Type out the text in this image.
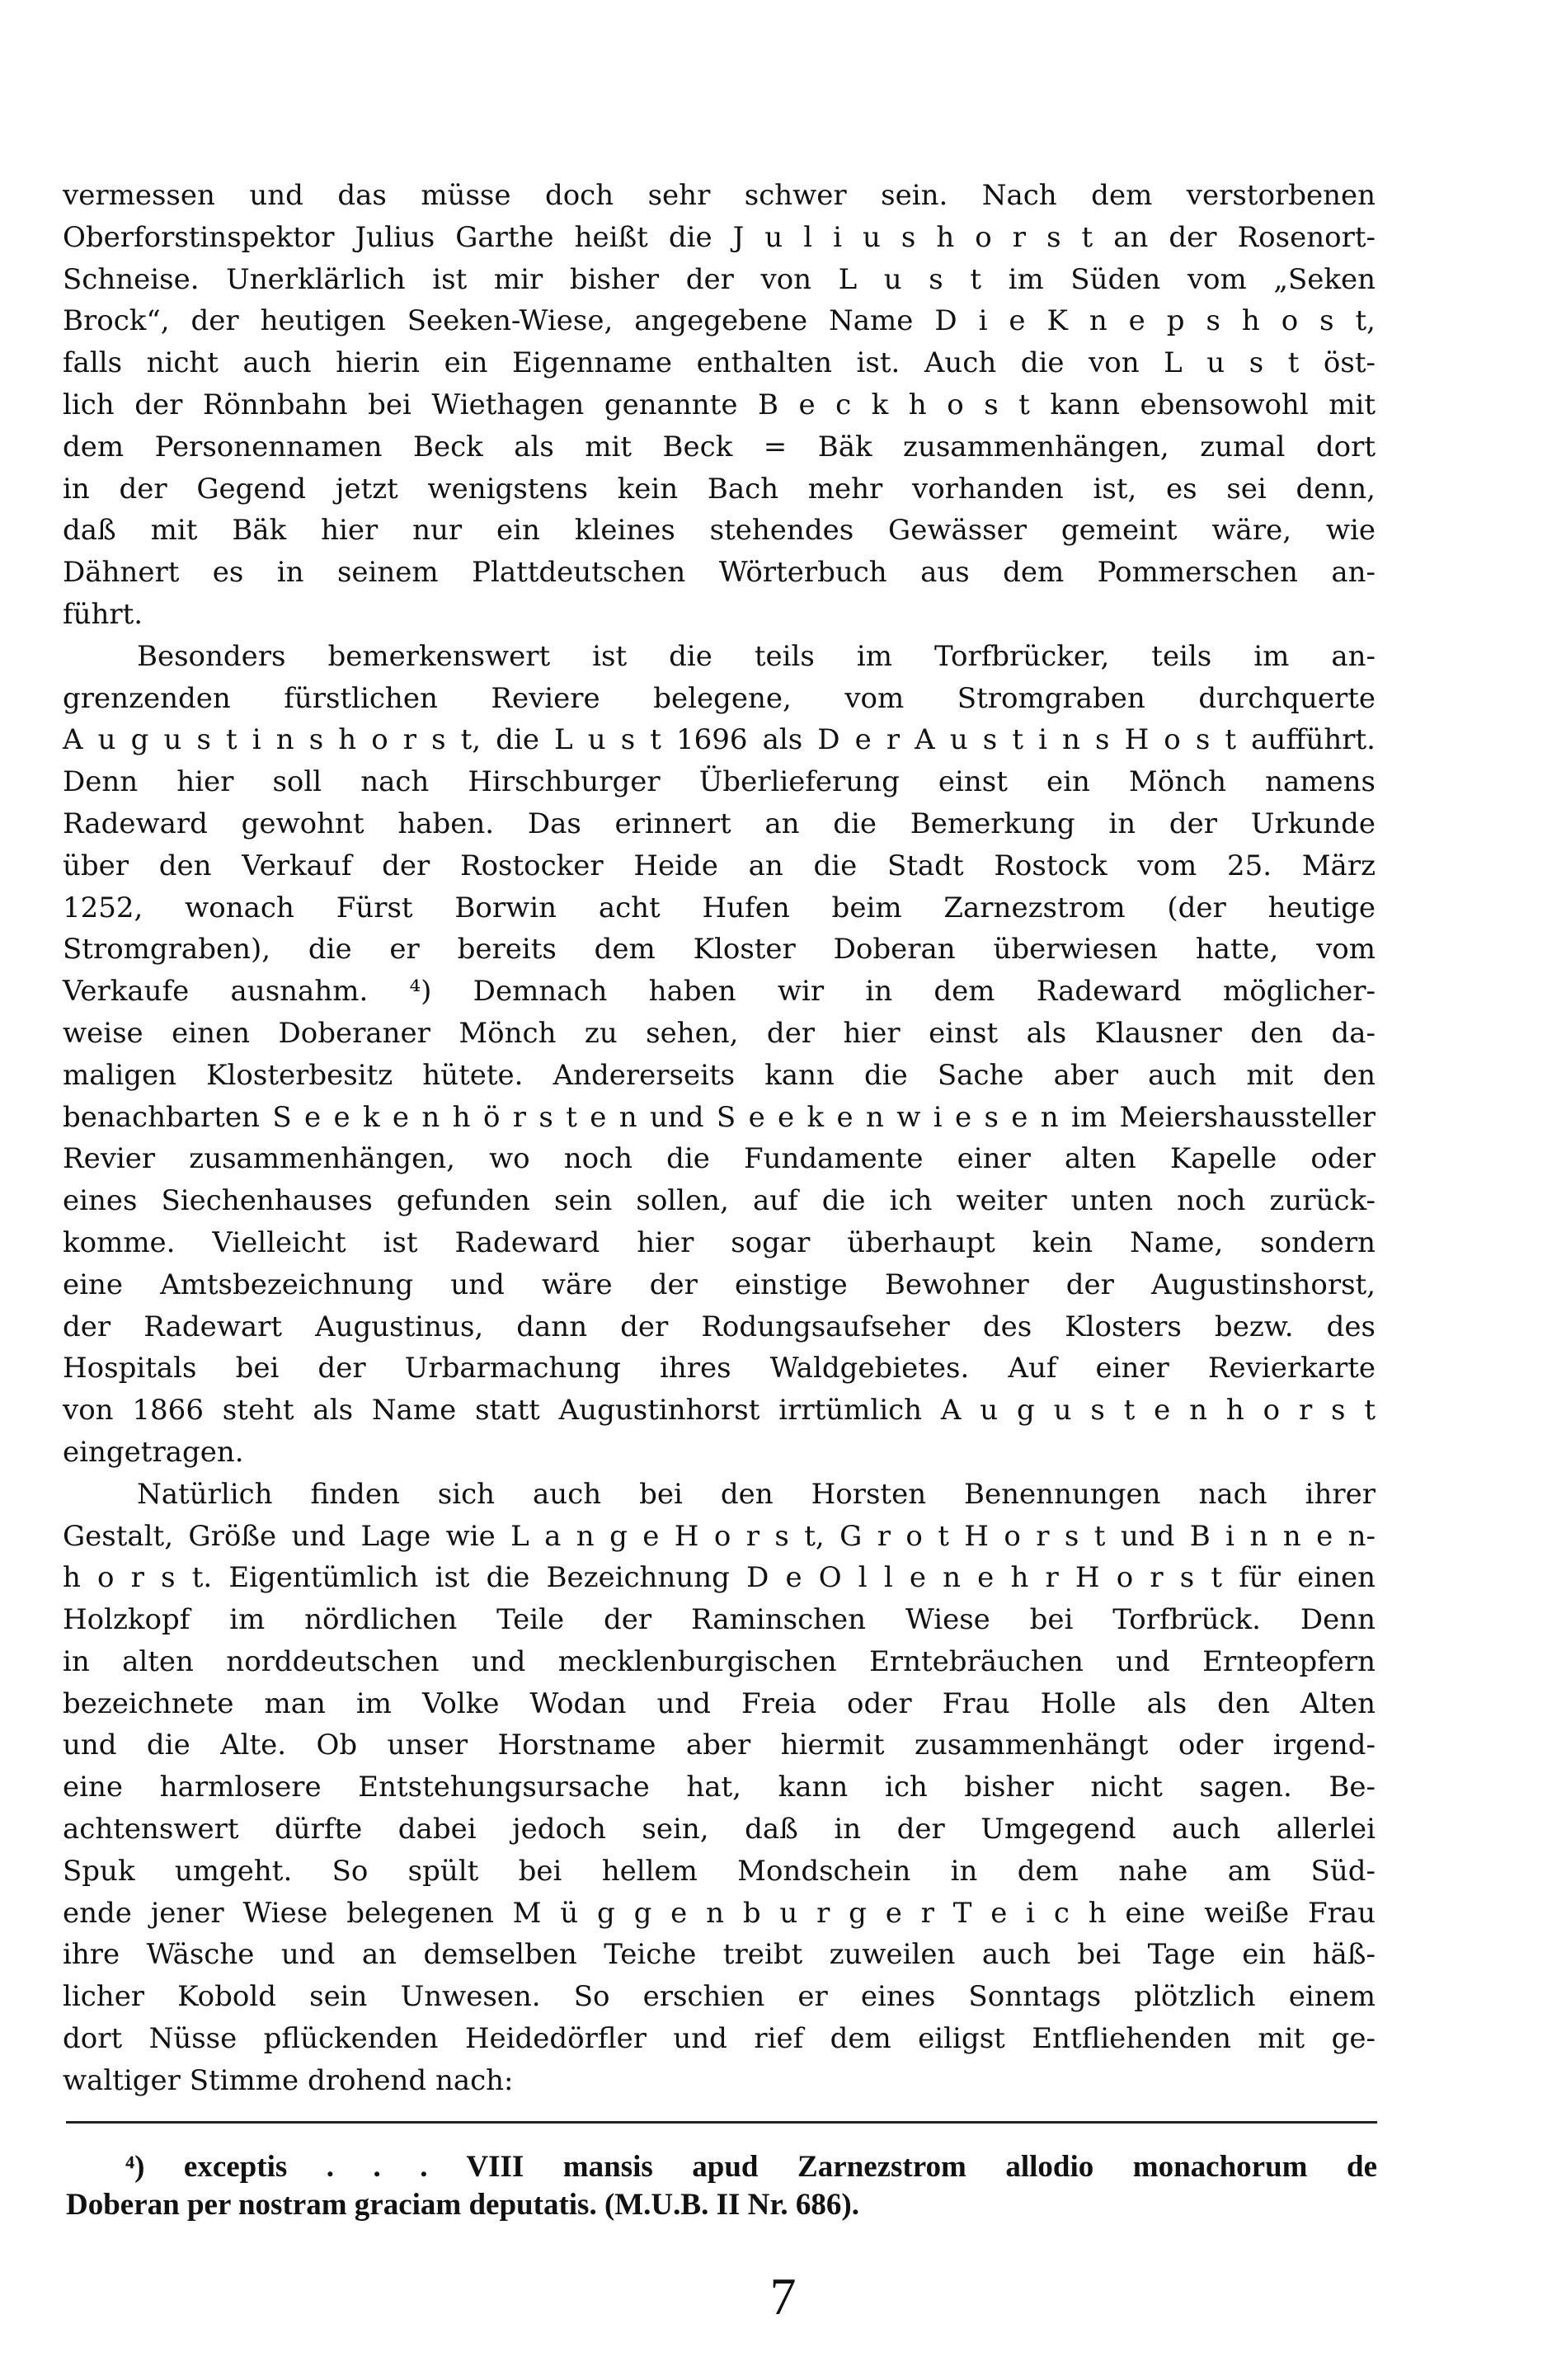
vermessen und das müsse doch sehr schwer sein. Nach dem verstorbenen
Oberforstinspektor Julius Garthe heißt die J u l i u s h o r s t an der Rosenort-
Schneise. Unerklärlich ist mir bisher der von L u s t im Süden vom „Seken
Brock“, der heutigen Seeken-Wiese, angegebene Name D i e K n e p s h o s t,
falls nicht auch hierin ein Eigenname enthalten ist. Auch die von L u s t öst-
lich der Rönnbahn bei Wiethagen genannte B e c k h o s t kann ebensowohl mit
dem Personennamen Beck als mit Beck = Bäk zusammenhängen, zumal dort
in der Gegend jetzt wenigstens kein Bach mehr vorhanden ist, es sei denn,
daß mit Bäk hier nur ein kleines stehendes Gewässer gemeint wäre, wie
Dähnert es in seinem Plattdeutschen Wörterbuch aus dem Pommerschen an-
führt.
Besonders bemerkenswert ist die teils im Torfbrücker, teils im an-
grenzenden fürstlichen Reviere belegene, vom Stromgraben durchquerte
A u g u s t i n s h o r s t, die L u s t 1696 als D e r A u s t i n s H o s t aufführt.
Denn hier soll nach Hirschburger Überlieferung einst ein Mönch namens
Radeward gewohnt haben. Das erinnert an die Bemerkung in der Urkunde
über den Verkauf der Rostocker Heide an die Stadt Rostock vom 25. März
1252, wonach Fürst Borwin acht Hufen beim Zarnezstrom (der heutige
Stromgraben), die er bereits dem Kloster Doberan überwiesen hatte, vom
Verkaufe ausnahm. ⁴) Demnach haben wir in dem Radeward möglicher-
weise einen Doberaner Mönch zu sehen, der hier einst als Klausner den da-
maligen Klosterbesitz hütete. Andererseits kann die Sache aber auch mit den
benachbarten S e e k e n h ö r s t e n und S e e k e n w i e s e n im Meiershaussteller
Revier zusammenhängen, wo noch die Fundamente einer alten Kapelle oder
eines Siechenhauses gefunden sein sollen, auf die ich weiter unten noch zurück-
komme. Vielleicht ist Radeward hier sogar überhaupt kein Name, sondern
eine Amtsbezeichnung und wäre der einstige Bewohner der Augustinshorst,
der Radewart Augustinus, dann der Rodungsaufseher des Klosters bezw. des
Hospitals bei der Urbarmachung ihres Waldgebietes. Auf einer Revierkarte
von 1866 steht als Name statt Augustinhorst irrtümlich A u g u s t e n h o r s t
eingetragen.
Natürlich finden sich auch bei den Horsten Benennungen nach ihrer
Gestalt, Größe und Lage wie L a n g e H o r s t, G r o t H o r s t und B i n n e n-
h o r s t. Eigentümlich ist die Bezeichnung D e O l l e n e h r H o r s t für einen
Holzkopf im nördlichen Teile der Raminschen Wiese bei Torfbrück. Denn
in alten norddeutschen und mecklenburgischen Erntebräuchen und Ernteopfern
bezeichnete man im Volke Wodan und Freia oder Frau Holle als den Alten
und die Alte. Ob unser Horstname aber hiermit zusammenhängt oder irgend-
eine harmlosere Entstehungsursache hat, kann ich bisher nicht sagen. Be-
achtenswert dürfte dabei jedoch sein, daß in der Umgegend auch allerlei
Spuk umgeht. So spült bei hellem Mondschein in dem nahe am Süd-
ende jener Wiese belegenen M ü g g e n b u r g e r T e i c h eine weiße Frau
ihre Wäsche und an demselben Teiche treibt zuweilen auch bei Tage ein häß-
licher Kobold sein Unwesen. So erschien er eines Sonntags plötzlich einem
dort Nüsse pflückenden Heidedörfler und rief dem eiligst Entfliehenden mit ge-
waltiger Stimme drohend nach:
⁴) exceptis . . . VIII mansis apud Zarnezstrom allodio monachorum de
Doberan per nostram graciam deputatis. (M.U.B. II Nr. 686).
7
